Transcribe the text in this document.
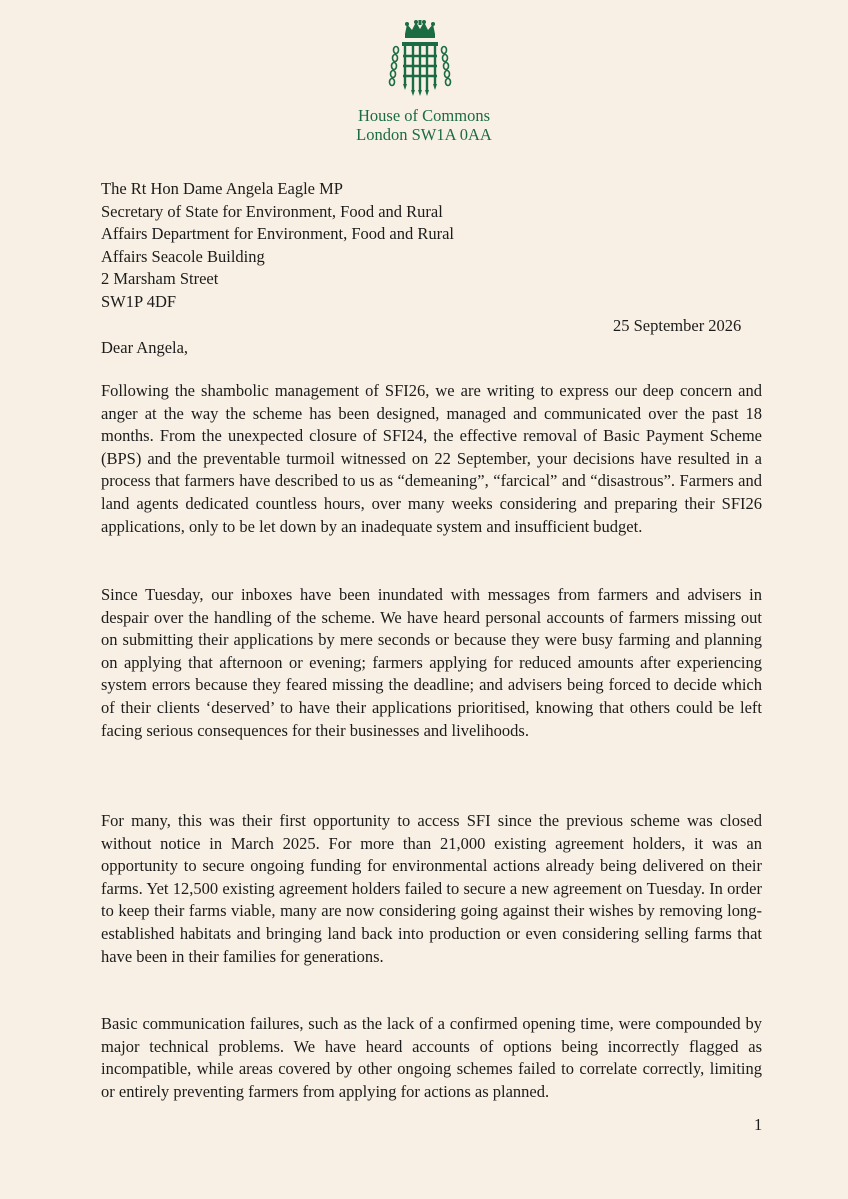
House of Commons
London SW1A 0AA
The Rt Hon Dame Angela Eagle MP
Secretary of State for Environment, Food and Rural
Affairs Department for Environment, Food and Rural
Affairs Seacole Building
2 Marsham Street
SW1P 4DF
25 September 2026
Dear Angela,

Following the shambolic management of SFI26, we are writing to express our deep concern and anger at the way the scheme has been designed, managed and communicated over the past 18 months. From the unexpected closure of SFI24, the effective removal of Basic Payment Scheme (BPS) and the preventable turmoil witnessed on 22 September, your decisions have resulted in a process that farmers have described to us as “demeaning”, “farcical” and “disastrous”. Farmers and land agents dedicated countless hours, over many weeks considering and preparing their SFI26 applications, only to be let down by an inadequate system and insufficient budget.

Since Tuesday, our inboxes have been inundated with messages from farmers and advisers in despair over the handling of the scheme. We have heard personal accounts of farmers missing out on submitting their applications by mere seconds or because they were busy farming and planning on applying that afternoon or evening; farmers applying for reduced amounts after experiencing system errors because they feared missing the deadline; and advisers being forced to decide which of their clients ‘deserved’ to have their applications prioritised, knowing that others could be left facing serious consequences for their businesses and livelihoods.

For many, this was their first opportunity to access SFI since the previous scheme was closed without notice in March 2025. For more than 21,000 existing agreement holders, it was an opportunity to secure ongoing funding for environmental actions already being delivered on their farms. Yet 12,500 existing agreement holders failed to secure a new agreement on Tuesday. In order to keep their farms viable, many are now considering going against their wishes by removing long-established habitats and bringing land back into production or even considering selling farms that have been in their families for generations.

Basic communication failures, such as the lack of a confirmed opening time, were compounded by major technical problems. We have heard accounts of options being incorrectly flagged as incompatible, while areas covered by other ongoing schemes failed to correlate correctly, limiting or entirely preventing farmers from applying for actions as planned.

1
